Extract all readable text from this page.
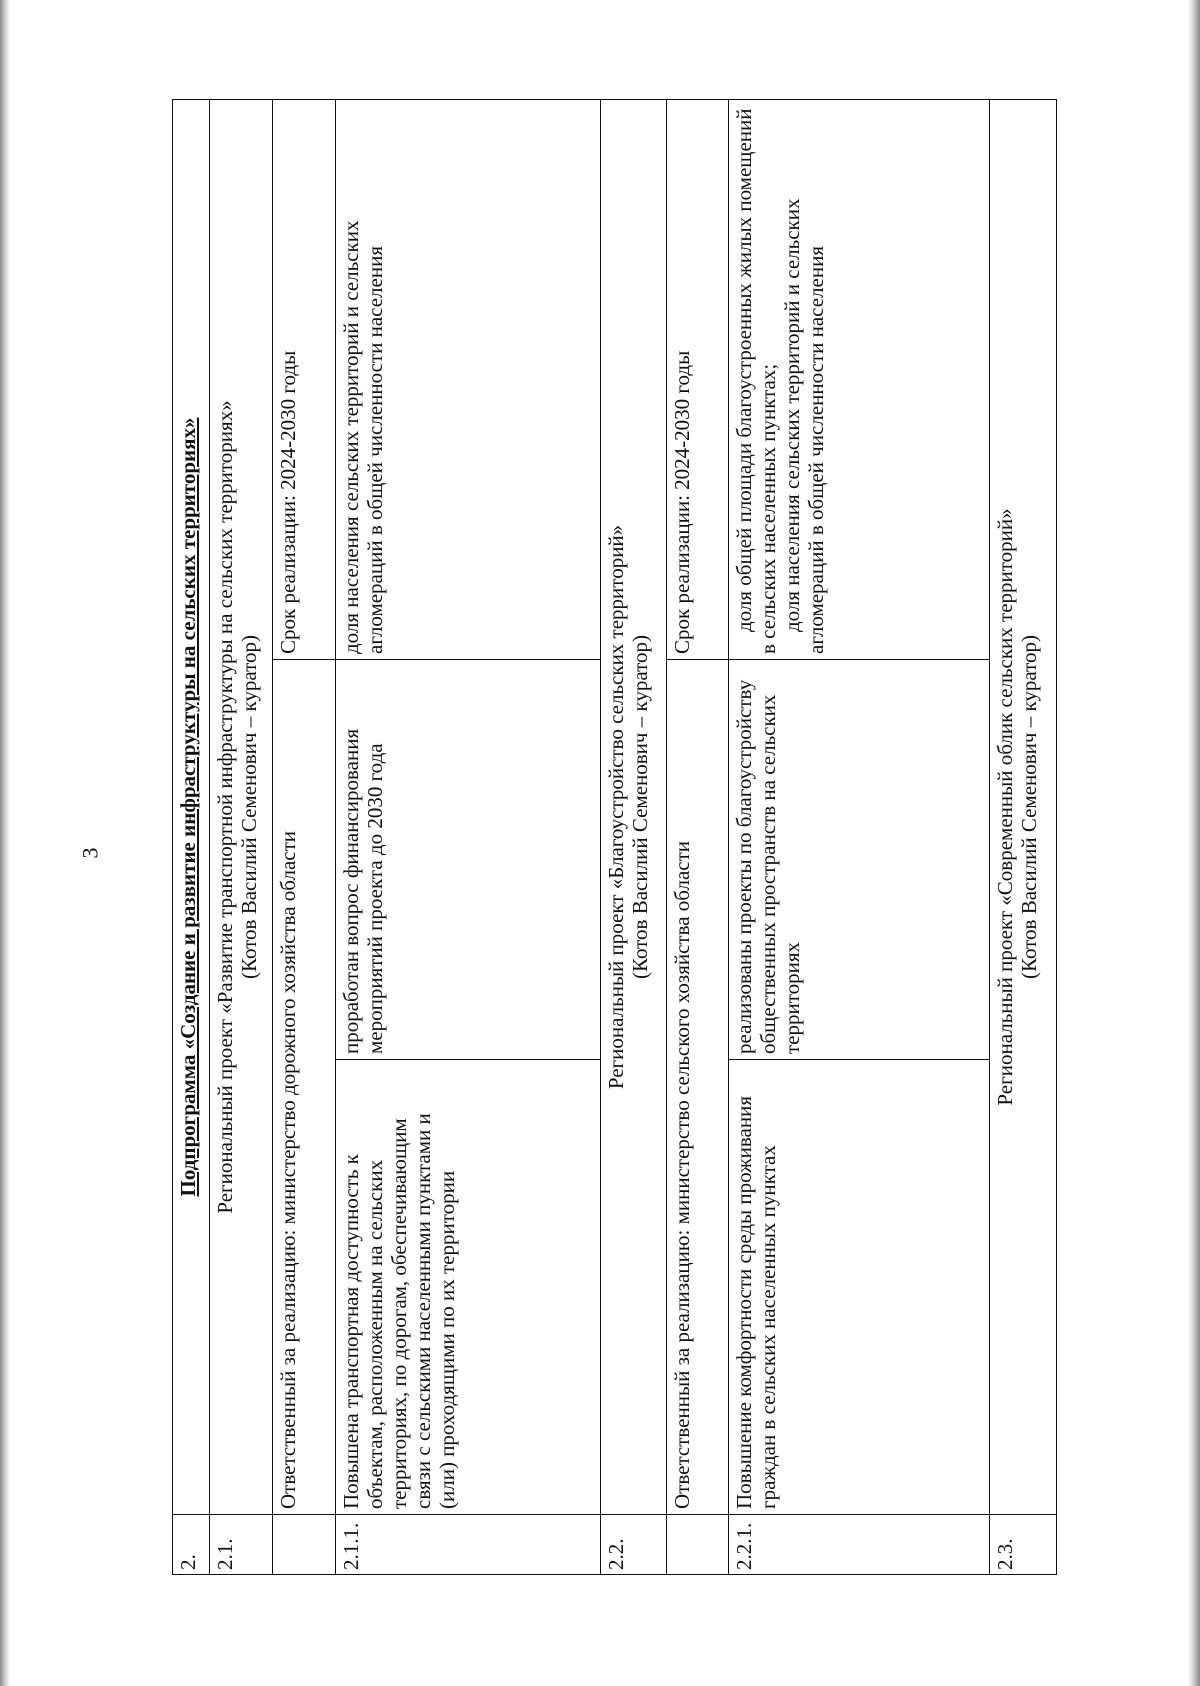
3
2.	Подпрограмма «Создание и развитие инфраструктуры на сельских территориях»		
2.1.	Региональный проект «Развитие транспортной инфраструктуры на сельских территориях» (Котов Василий Семенович – куратор)		

	Ответственный за реализацию: министерство дорожного хозяйства области		Срок реализации: 2024-2030 годы
2.1.1.	Повышена транспортная доступность к объектам, расположенным на сельских территориях, по дорогам, обеспечивающим связи с сельскими населенными пунктами и (или) проходящими по их территории	проработан вопрос финансирования мероприятий проекта до 2030 года	доля населения сельских территорий и сельских агломераций в общей численности населения
2.2.	Региональный проект «Благоустройство сельских территорий» (Котов Василий Семенович – куратор)		

	Ответственный за реализацию: министерство сельского хозяйства области		Срок реализации: 2024-2030 годы
2.2.1.	Повышение комфортности среды проживания граждан в сельских населенных пунктах	реализованы проекты по благоустройству общественных пространств на сельских территориях	доля общей площади благоустроенных жилых помещений в сельских населенных пунктах; доля населения сельских территорий и сельских агломераций в общей численности населения

2.3.	Региональный проект «Современный облик сельских территорий» (Котов Василий Семенович – куратор)		
